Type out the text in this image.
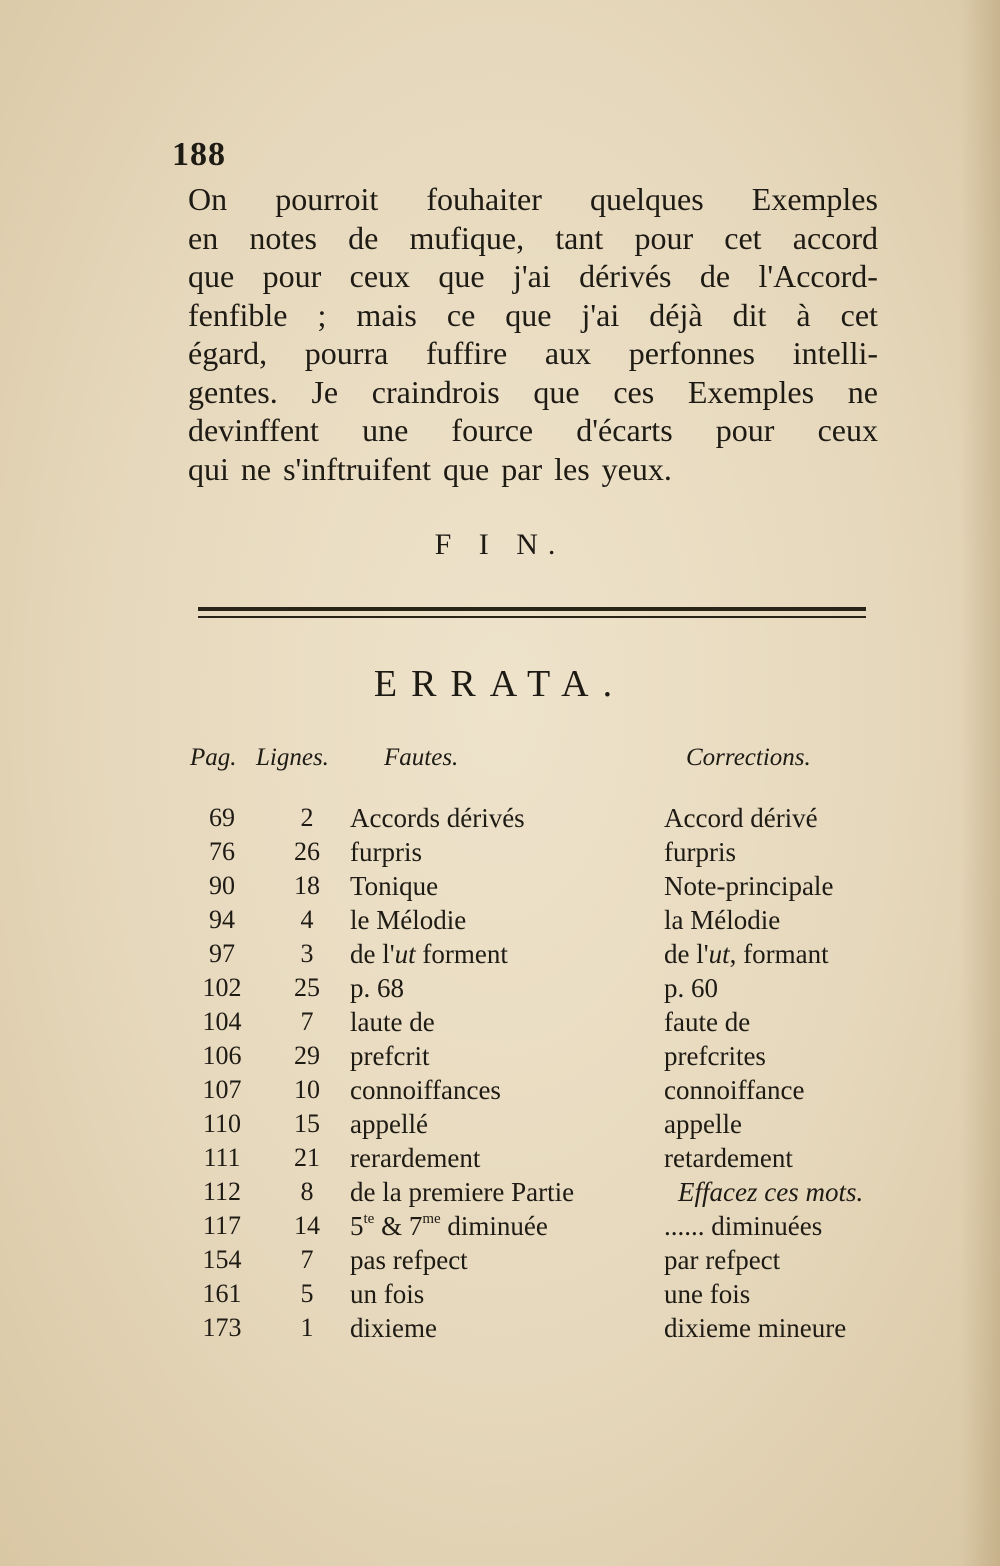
188
On pourroit fouhaiter quelques Exemples
en notes de mufique, tant pour cet accord
que pour ceux que j'ai dérivés de l'Accord-
fenfible ; mais ce que j'ai déjà dit à cet
égard, pourra fuffire aux perfonnes intelli-
gentes. Je craindrois que ces Exemples ne
devinffent une fource d'écarts pour ceux
qui ne s'inftruifent que par les yeux.
F I N.
ERRATA.
Pag. Lignes. Fautes.	Corrections.
69	2	Accords dérivés	Accord dérivé
76	26	furpris	furpris
90	18	Tonique	Note-principale
94	4	le Mélodie	la Mélodie
97	3	de l'ut forment	de l'ut, formant
102	25	p. 68	p. 60
104	7	laute de	faute de
106	29	prefcrit	prefcrites
107	10	connoiffances	connoiffance
110	15	appellé	appelle
111	21	rerardement	retardement
112	8	de la premiere Partie	Effacez ces mots.
117	14	$5^{te}$ & $7^{me}$ diminuée	...... diminuées
154	7	pas refpect	par refpect
161	5	un fois	une fois
173	1	dixieme	dixieme mineure
